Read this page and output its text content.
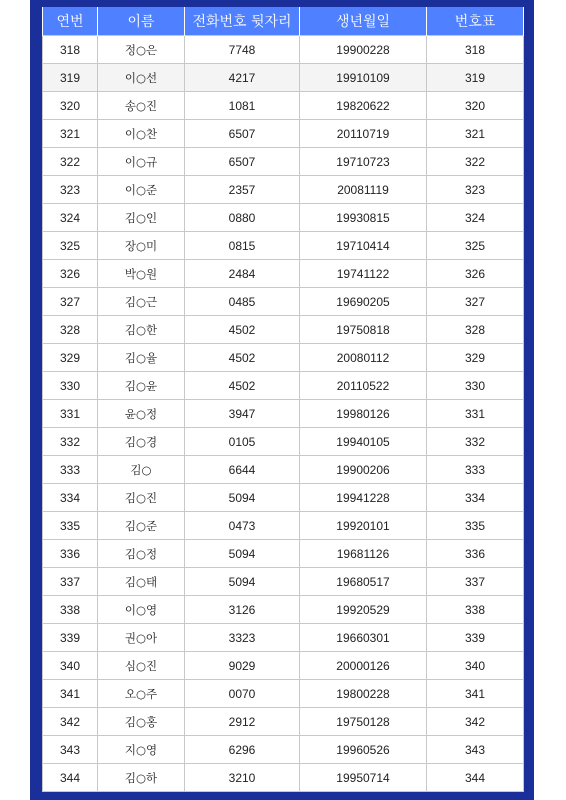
연번	이름	전화번호 뒷자리	생년월일	번호표
318	정○은	7748	19900228	318
319	이○선	4217	19910109	319
320	송○진	1081	19820622	320
321	이○찬	6507	20110719	321
322	이○규	6507	19710723	322
323	이○준	2357	20081119	323
324	김○인	0880	19930815	324
325	장○미	0815	19710414	325
326	박○원	2484	19741122	326
327	김○근	0485	19690205	327
328	김○한	4502	19750818	328
329	김○율	4502	20080112	329
330	김○윤	4502	20110522	330
331	윤○정	3947	19980126	331
332	김○경	0105	19940105	332
333	김○	6644	19900206	333
334	김○진	5094	19941228	334
335	김○준	0473	19920101	335
336	김○정	5094	19681126	336
337	김○태	5094	19680517	337
338	이○영	3126	19920529	338
339	권○아	3323	19660301	339
340	심○진	9029	20000126	340
341	오○주	0070	19800228	341
342	김○홍	2912	19750128	342
343	지○영	6296	19960526	343
344	김○하	3210	19950714	344
